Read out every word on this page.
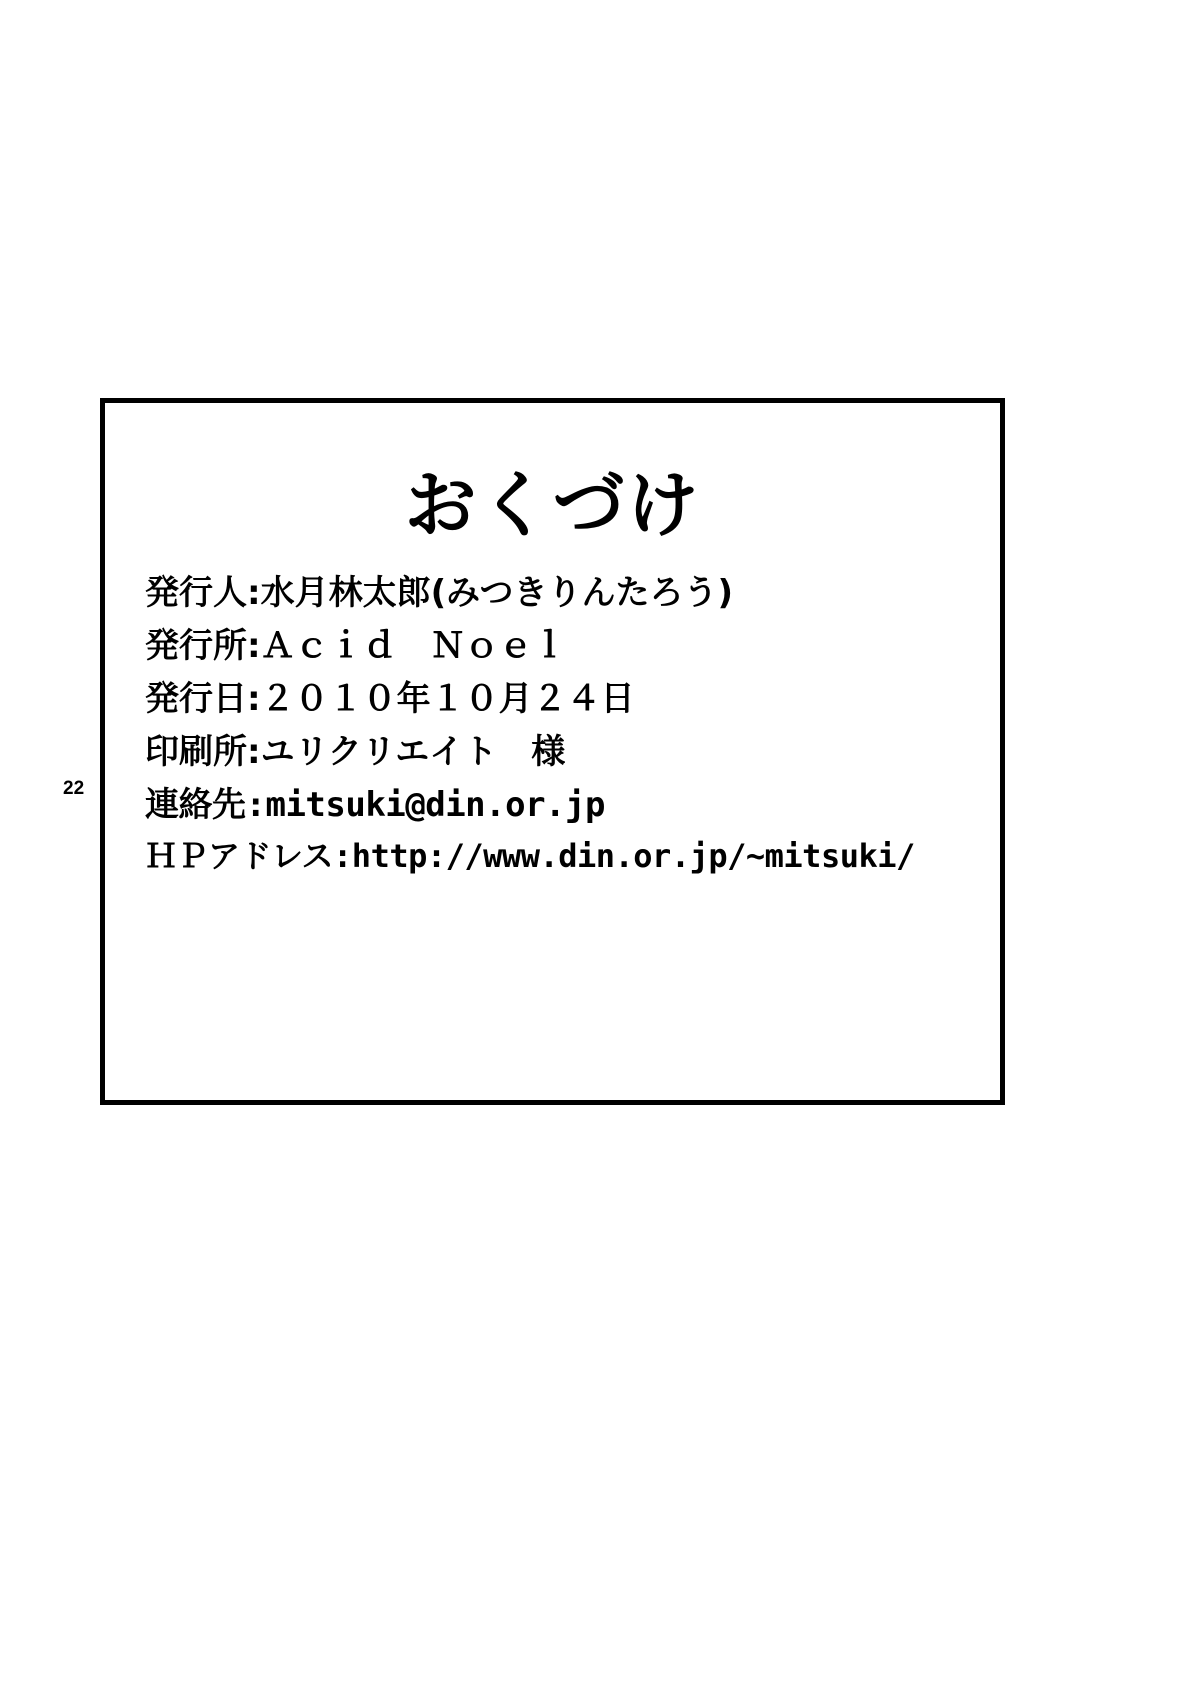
22
おくづけ
発行人:水月林太郎(みつきりんたろう)
発行所:Ａｃｉｄ　Ｎｏｅｌ
発行日:２０１０年１０月２４日
印刷所:ユリクリエイト　様
連絡先:mitsuki@din.or.jp
ＨＰアドレス:http://www.din.or.jp/~mitsuki/
